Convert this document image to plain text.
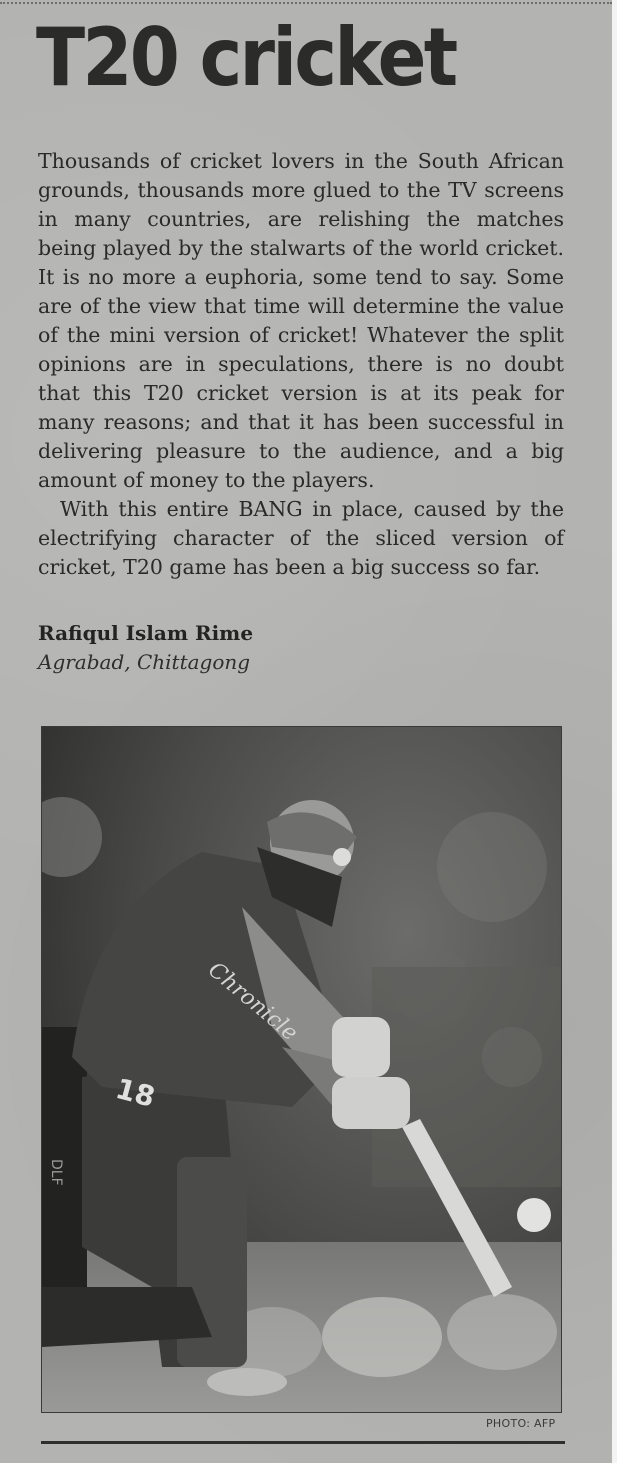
T20 cricket

Thousands of cricket lovers in the South African grounds, thousands more glued to the TV screens in many countries, are relishing the matches being played by the stalwarts of the world cricket. It is no more a euphoria, some tend to say. Some are of the view that time will determine the value of the mini version of cricket! Whatever the split opinions are in speculations, there is no doubt that this T20 cricket version is at its peak for many reasons; and that it has been successful in delivering pleasure to the audience, and a big amount of money to the players.

With this entire BANG in place, caused by the electrifying character of the sliced version of cricket, T20 game has been a big success so far.

Rafiqul Islam Rime
Agrabad, Chittagong
DLF
Chronicle
18
PHOTO: AFP
